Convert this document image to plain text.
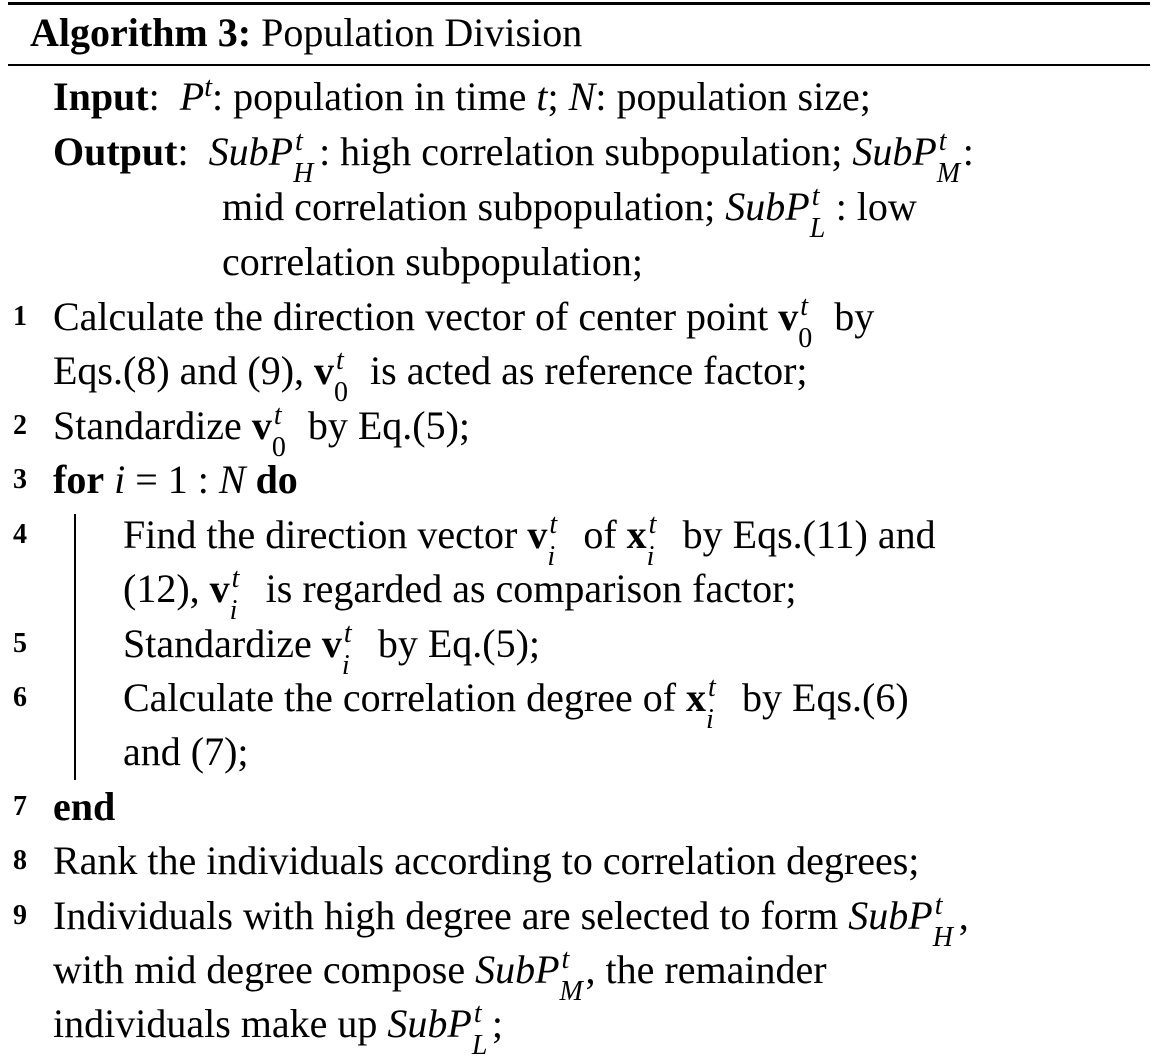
Algorithm 3: Population Division
Input:  $P^t$: population in time t; N: population size;
Output:  SubP t
H : high correlation subpopulation; SubP t
M :
mid correlation subpopulation; SubP t
L : low
correlation subpopulation;
1 Calculate the direction vector of center point v t
0 by
Eqs.(8) and (9), v t
0 is acted as reference factor;
2 Standardize v t
0 by Eq.(5);
3 for i = 1 : N do
4 Find the direction vector v t
i of x t
i by Eqs.(11) and
(12), v t
i is regarded as comparison factor;
5 Standardize v t
i by Eq.(5);
6 Calculate the correlation degree of x t
i by Eqs.(6)
and (7);
7 end
8 Rank the individuals according to correlation degrees;
9 Individuals with high degree are selected to form SubP t
H ,
with mid degree compose SubP t
M , the remainder
individuals make up SubP t
L ;
